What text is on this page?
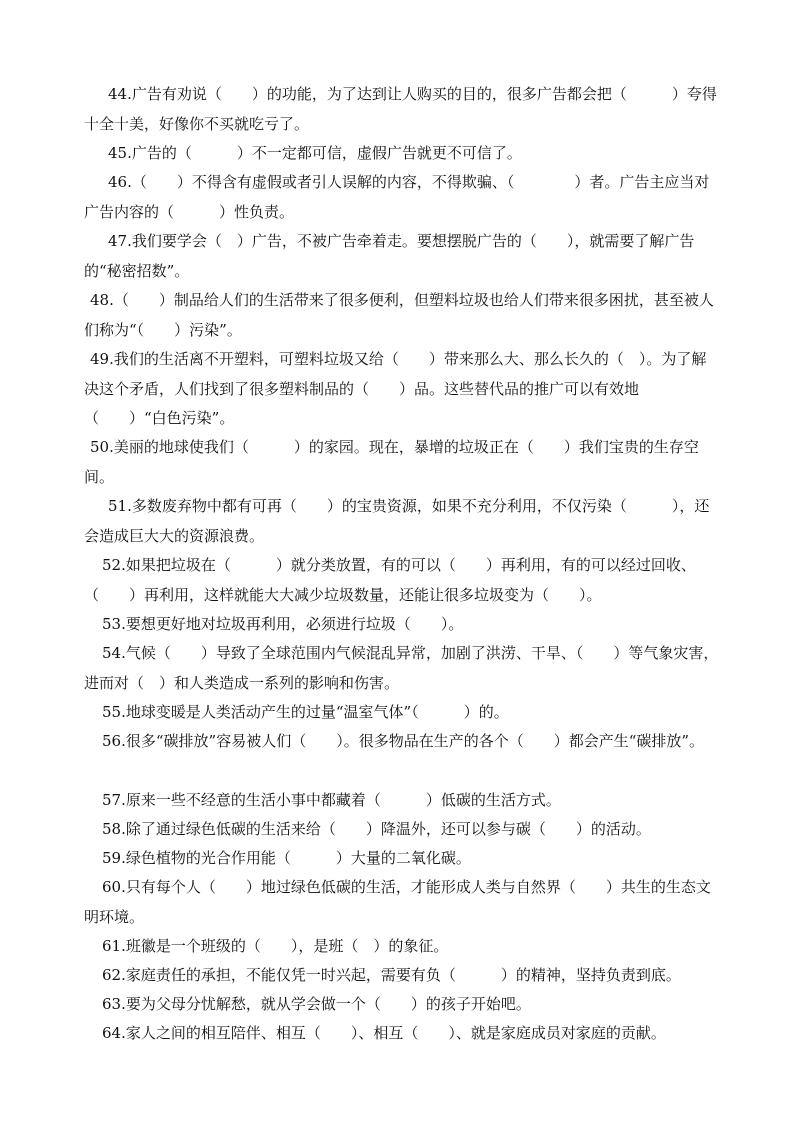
44.广告有劝说（　　）的功能，为了达到让人购买的目的，很多广告都会把（　　　）夸得十全十美，好像你不买就吃亏了。

45.广告的（　　　）不一定都可信，虚假广告就更不可信了。

46.（　　）不得含有虚假或者引人误解的内容，不得欺骗、（　　　　）者。广告主应当对广告内容的（　　　）性负责。

47.我们要学会（　）广告，不被广告牵着走。要想摆脱广告的（　　），就需要了解广告的“秘密招数”。

48.（　　）制品给人们的生活带来了很多便利，但塑料垃圾也给人们带来很多困扰，甚至被人们称为“（　　）污染”。

49.我们的生活离不开塑料，可塑料垃圾又给（　　）带来那么大、那么长久的（　）。为了解决这个矛盾，人们找到了很多塑料制品的（　　）品。这些替代品的推广可以有效地（　　）“白色污染”。

50.美丽的地球使我们（　　　）的家园。现在，暴增的垃圾正在（　　）我们宝贵的生存空间。

51.多数废弃物中都有可再（　　）的宝贵资源，如果不充分利用，不仅污染（　　　），还会造成巨大大的资源浪费。

52.如果把垃圾在（　　　）就分类放置，有的可以（　　）再利用，有的可以经过回收、（　　）再利用，这样就能大大减少垃圾数量，还能让很多垃圾变为（　　）。

53.要想更好地对垃圾再利用，必须进行垃圾（　　）。

54.气候（　　）导致了全球范围内气候混乱异常，加剧了洪涝、干旱、（　　）等气象灾害，进而对（　）和人类造成一系列的影响和伤害。

55.地球变暖是人类活动产生的过量“温室气体”（　　　）的。

56.很多“碳排放”容易被人们（　　）。很多物品在生产的各个（　　）都会产生“碳排放”。

57.原来一些不经意的生活小事中都藏着（　　　）低碳的生活方式。

58.除了通过绿色低碳的生活来给（　　）降温外，还可以参与碳（　　）的活动。

59.绿色植物的光合作用能（　　　）大量的二氧化碳。

60.只有每个人（　　）地过绿色低碳的生活，才能形成人类与自然界（　　）共生的生态文明环境。

61.班徽是一个班级的（　　），是班（　）的象征。

62.家庭责任的承担，不能仅凭一时兴起，需要有负（　　　）的精神，坚持负责到底。

63.要为父母分忧解愁，就从学会做一个（　　）的孩子开始吧。

64.家人之间的相互陪伴、相互（　　）、相互（　　）、就是家庭成员对家庭的贡献。
